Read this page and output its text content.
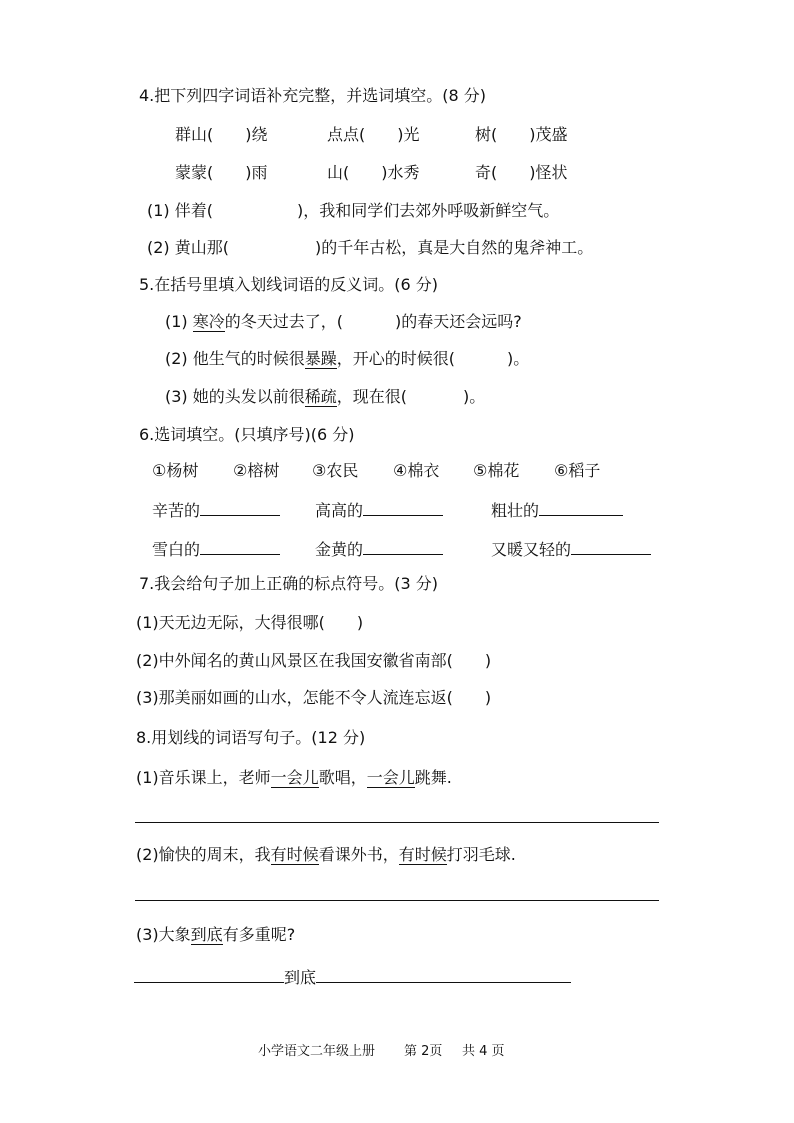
4.把下列四字词语补充完整，并选词填空。(8 分)
群山(　　)绕	点点(　　)光	树(　　)茂盛
蒙蒙(　　)雨	山(　　)水秀	奇(　　)怪状
(1) 伴着(	)，我和同学们去郊外呼吸新鲜空气。
(2) 黄山那(	)的千年古松，真是大自然的鬼斧神工。
5.在括号里填入划线词语的反义词。(6 分)
(1) 寒冷的冬天过去了，(	)的春天还会远吗?
(2) 他生气的时候很暴躁，开心的时候很(	)。
(3) 她的头发以前很稀疏，现在很(	)。
6.选词填空。(只填序号)(6 分)
①杨树 ②榕树 ③农民 ④棉衣 ⑤棉花 ⑥稻子
辛苦的	高高的	粗壮的
雪白的	金黄的	又暖又轻的
7.我会给句子加上正确的标点符号。(3 分)
(1)天无边无际，大得很哪(　　)
(2)中外闻名的黄山风景区在我国安徽省南部(　　)
(3)那美丽如画的山水，怎能不令人流连忘返(　　)
8.用划线的词语写句子。(12 分)
(1)音乐课上，老师一会儿歌唱，一会儿跳舞.
(2)愉快的周末，我有时候看课外书，有时候打羽毛球.
(3)大象到底有多重呢?
到底
小学语文二年级上册 第 2页 共 4 页
